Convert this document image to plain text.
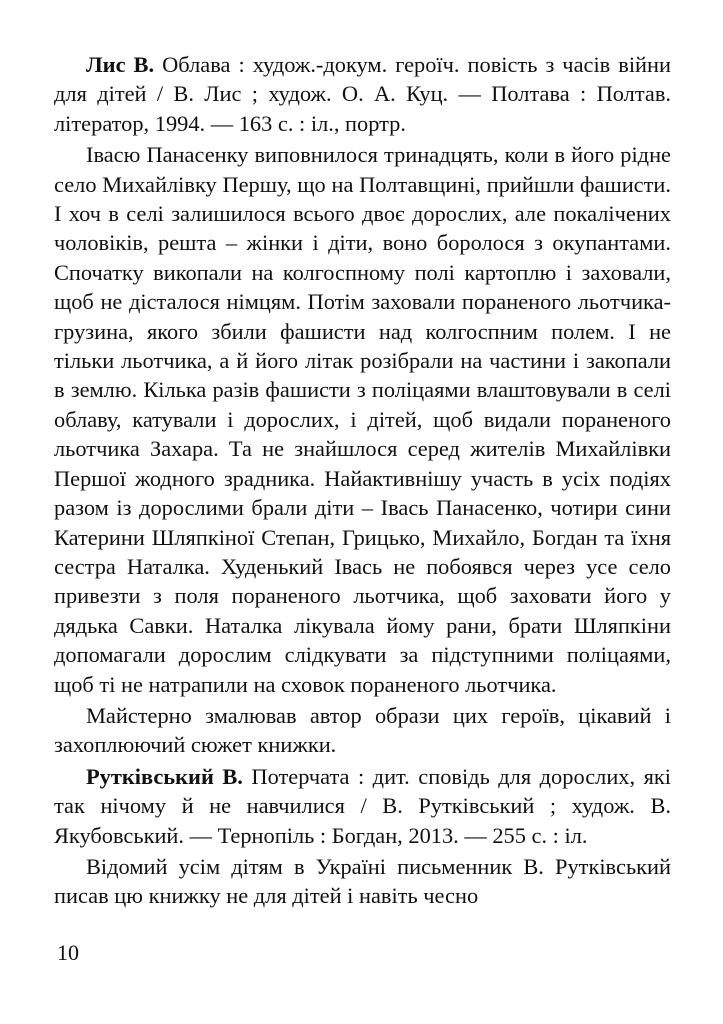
Лис В. Облава : худож.-докум. героїч. повість з часів війни для дітей / В. Лис ; худож. О. А. Куц. — Полтава : Полтав. літератор, 1994. — 163 с. : іл., портр.

Івасю Панасенку виповнилося тринадцять, коли в його рідне село Михайлівку Першу, що на Полтавщині, прийшли фашисти. І хоч в селі залишилося всього двоє дорослих, але покалічених чоловіків, решта – жінки і діти, воно боролося з окупантами. Спочатку викопали на колгоспному полі картоплю і заховали, щоб не дісталося німцям. Потім заховали пораненого льотчика-грузина, якого збили фашисти над колгоспним полем. І не тільки льотчика, а й його літак розібрали на частини і закопали в землю. Кілька разів фашисти з поліцаями влаштовували в селі облаву, катували і дорослих, і дітей, щоб видали пораненого льотчика Захара. Та не знайшлося серед жителів Михайлівки Першої жодного зрадника. Найактивнішу участь в усіх подіях разом із дорослими брали діти – Івась Панасенко, чотири сини Катерини Шляпкіної Степан, Грицько, Михайло, Богдан та їхня сестра Наталка. Худенький Івась не побоявся через усе село привезти з поля пораненого льотчика, щоб заховати його у дядька Савки. Наталка лікувала йому рани, брати Шляпкіни допомагали дорослим слідкувати за підступними поліцаями, щоб ті не натрапили на сховок пораненого льотчика.

Майстерно змалював автор образи цих героїв, цікавий і захоплюючий сюжет книжки.

Рутківський В. Потерчата : дит. сповідь для дорослих, які так нічому й не навчилися / В. Рутківський ; худож. В. Якубовський. — Тернопіль : Богдан, 2013. — 255 с. : іл.

Відомий усім дітям в Україні письменник В. Рутківський писав цю книжку не для дітей і навіть чесно

10
